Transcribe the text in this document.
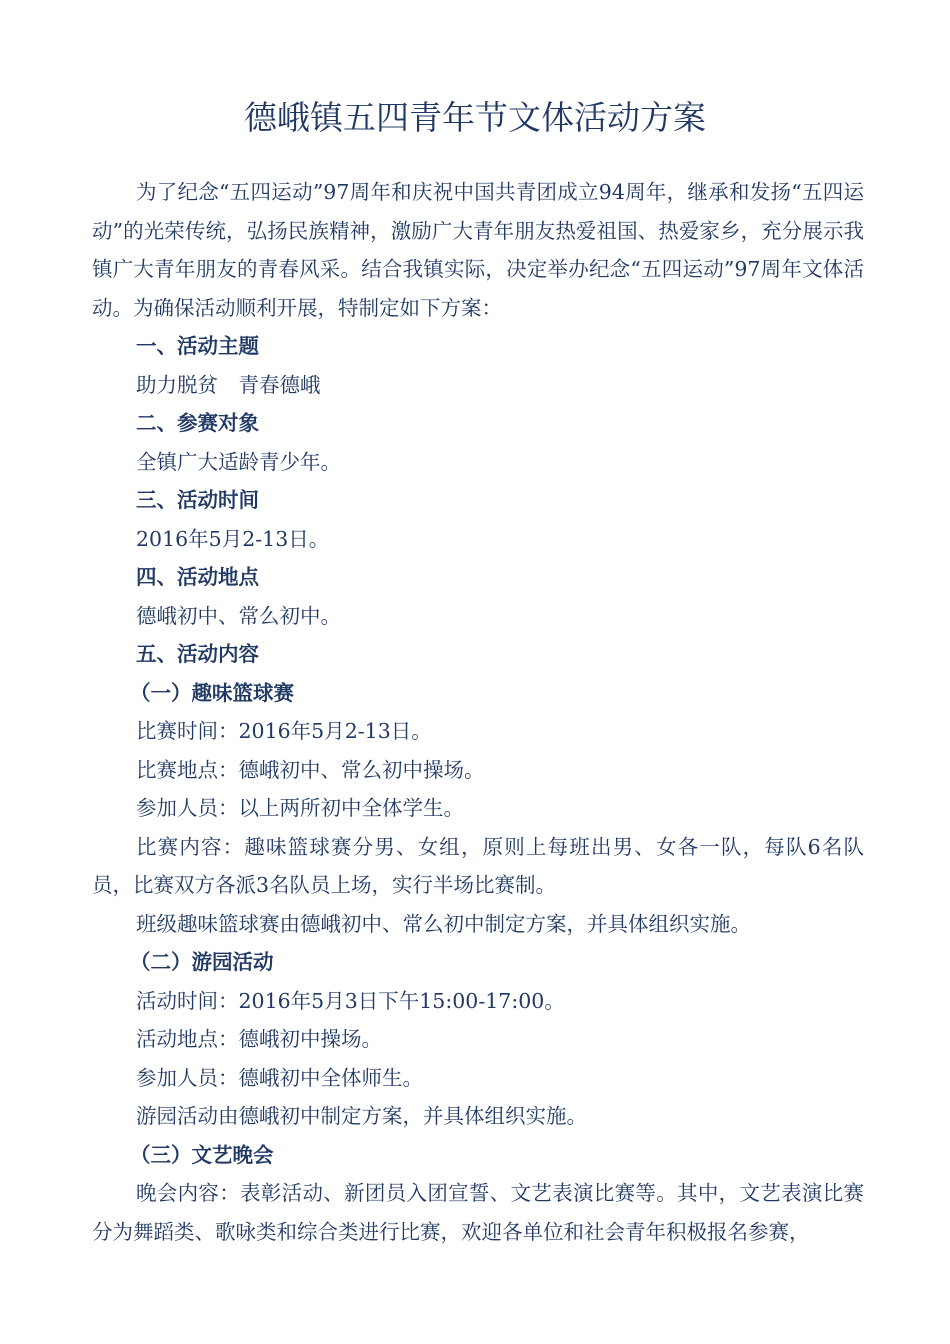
德峨镇五四青年节文体活动方案

为了纪念“五四运动”97周年和庆祝中国共青团成立94周年，继承和发扬“五四运动”的光荣传统，弘扬民族精神，激励广大青年朋友热爱祖国、热爱家乡，充分展示我镇广大青年朋友的青春风采。结合我镇实际，决定举办纪念“五四运动”97周年文体活动。为确保活动顺利开展，特制定如下方案：

一、活动主题

助力脱贫　青春德峨

二、参赛对象

全镇广大适龄青少年。

三、活动时间

2016年5月2-13日。

四、活动地点

德峨初中、常么初中。

五、活动内容

（一）趣味篮球赛

比赛时间：2016年5月2-13日。

比赛地点：德峨初中、常么初中操场。

参加人员：以上两所初中全体学生。

比赛内容：趣味篮球赛分男、女组，原则上每班出男、女各一队，每队6名队员，比赛双方各派3名队员上场，实行半场比赛制。

班级趣味篮球赛由德峨初中、常么初中制定方案，并具体组织实施。

（二）游园活动

活动时间：2016年5月3日下午15:00-17:00。

活动地点：德峨初中操场。

参加人员：德峨初中全体师生。

游园活动由德峨初中制定方案，并具体组织实施。

（三）文艺晚会

晚会内容：表彰活动、新团员入团宣誓、文艺表演比赛等。其中，文艺表演比赛分为舞蹈类、歌咏类和综合类进行比赛，欢迎各单位和社会青年积极报名参赛，
